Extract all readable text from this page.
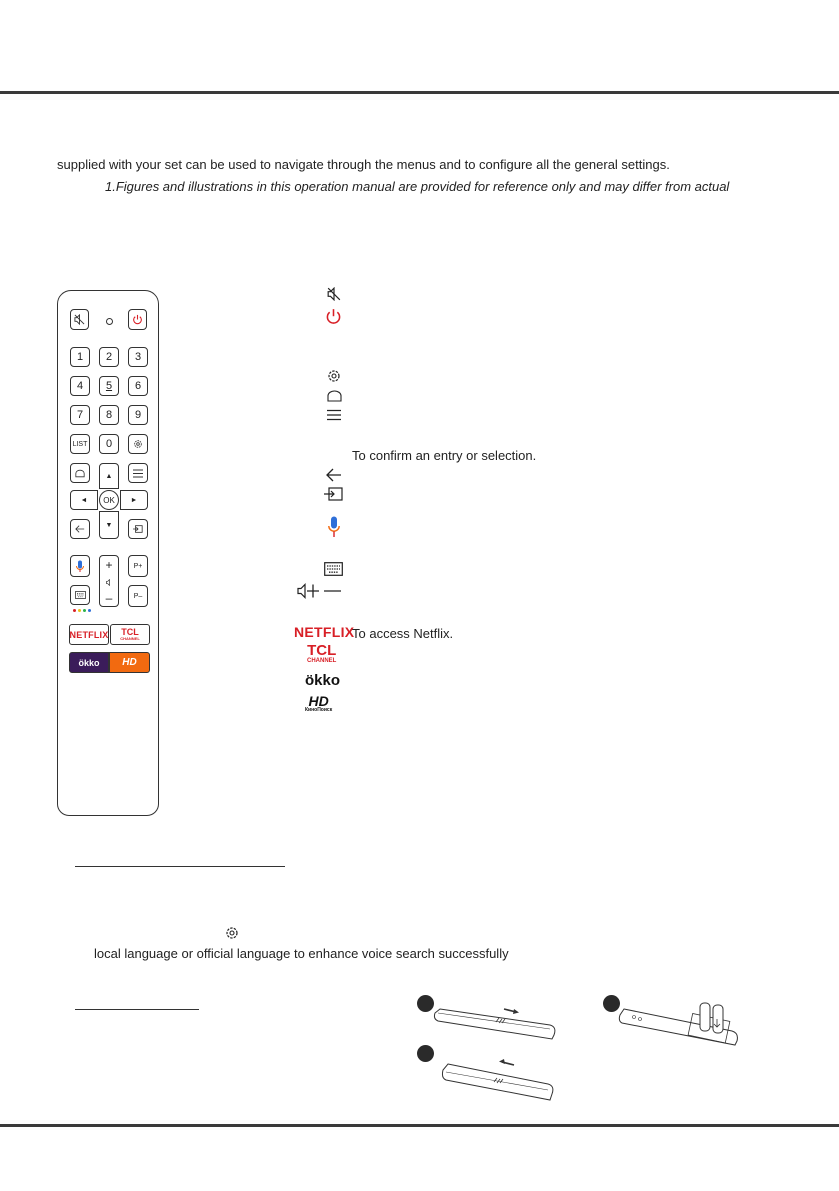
supplied with your set can be used to navigate through the menus and to configure all the general settings.
1.Figures and illustrations in this operation manual are provided for reference only and may differ from actual
1	2	3
4	5	6
7	8	9
LIST	0
▲
◄	OK	►
▼
+
–
P+
P–
NETFLIX TCL
CHANNEL
ökko	HD
To confirm an entry or selection.
NETFLIX
To access Netflix.
TCL
CHANNEL
ökko
HD
КиноПоиск
local language or official language to enhance voice search successfully
